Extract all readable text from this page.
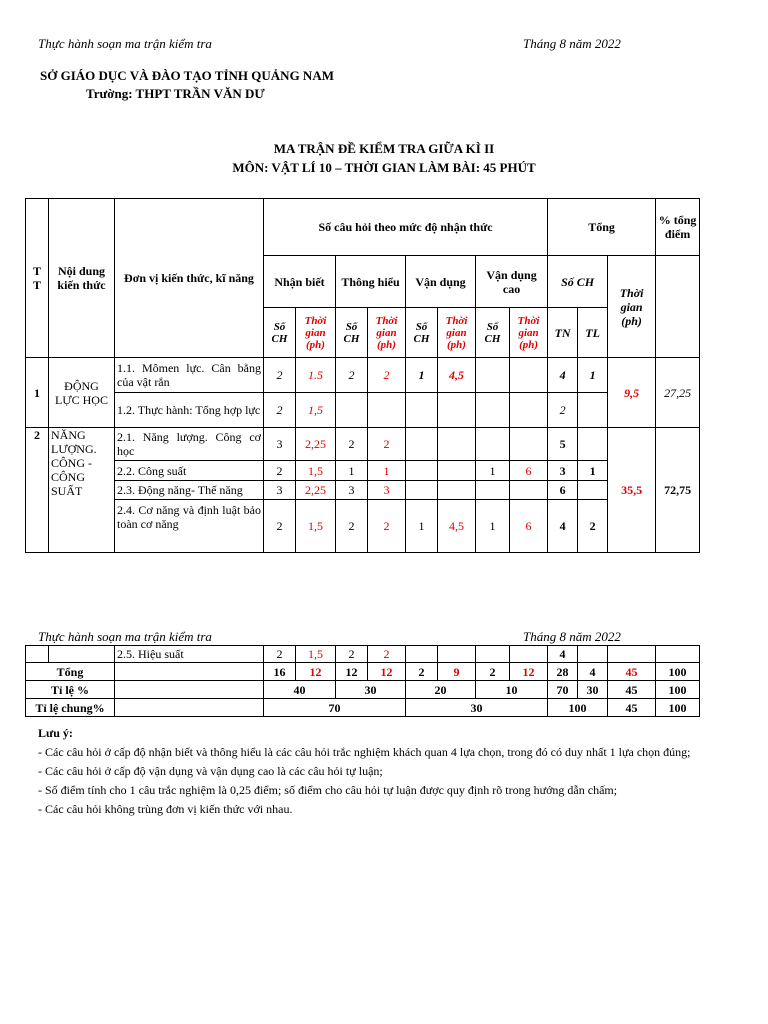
Thực hành soạn ma trận kiểm tra	Tháng 8 năm 2022
SỞ GIÁO DỤC VÀ ĐÀO TẠO TỈNH QUẢNG NAM
Trường: THPT TRẦN VĂN DƯ
MA TRẬN ĐỀ KIỂM TRA GIỮA KÌ II
MÔN: VẬT LÍ 10 – THỜI GIAN LÀM BÀI: 45 PHÚT
T T	Nội dung kiến thức	Đơn vị kiến thức, kĩ năng	Số câu hỏi theo mức độ nhận thức								Tổng			% tổng điểm
			Nhận biết		Thông hiểu		Vận dụng		Vận dụng cao		Số CH		Thời gian (ph)	
			Số CH	Thời gian (ph)	Số CH	Thời gian (ph)	Số CH	Thời gian (ph)	Số CH	Thời gian (ph)	TN	TL		
1	ĐỘNG LỰC HỌC	1.1. Mômen lực. Cân bằng của vật rắn	2	1.5	2	2	1	4,5			4	1	9,5	27,25
		1.2. Thực hành: Tổng hợp lực	2	1,5							2			
2	NĂNG LƯỢNG. CÔNG - CÔNG SUẤT	2.1. Năng lượng. Công cơ học	3	2,25	2	2					5		35,5	72,75
		2.2. Công suất	2	1,5	1	1			1	6	3	1		
		2.3. Động năng- Thế năng	3	2,25	3	3					6			
		2.4. Cơ năng và định luật bảo toàn cơ năng	2	1,5	2	2	1	4,5	1	6	4	2		
Thực hành soạn ma trận kiểm tra	Tháng 8 năm 2022
		2.5. Hiệu suất	2	1,5	2	2					4			
Tổng			16	12	12	12	2	9	2	12	28	4	45	100
Tỉ lệ %			40		30		20		10		70	30	45	100
Tỉ lệ chung%			70				30				100		45	100
Lưu ý:
- Các câu hỏi ở cấp độ nhận biết và thông hiểu là các câu hỏi trắc nghiệm khách quan 4 lựa chọn, trong đó có duy nhất 1 lựa chọn đúng;
- Các câu hỏi ở cấp độ vận dụng và vận dụng cao là các câu hỏi tự luận;
- Số điểm tính cho 1 câu trắc nghiệm là 0,25 điểm; số điểm cho câu hỏi tự luận được quy định rõ trong hướng dẫn chấm;
- Các câu hỏi không trùng đơn vị kiến thức với nhau.
